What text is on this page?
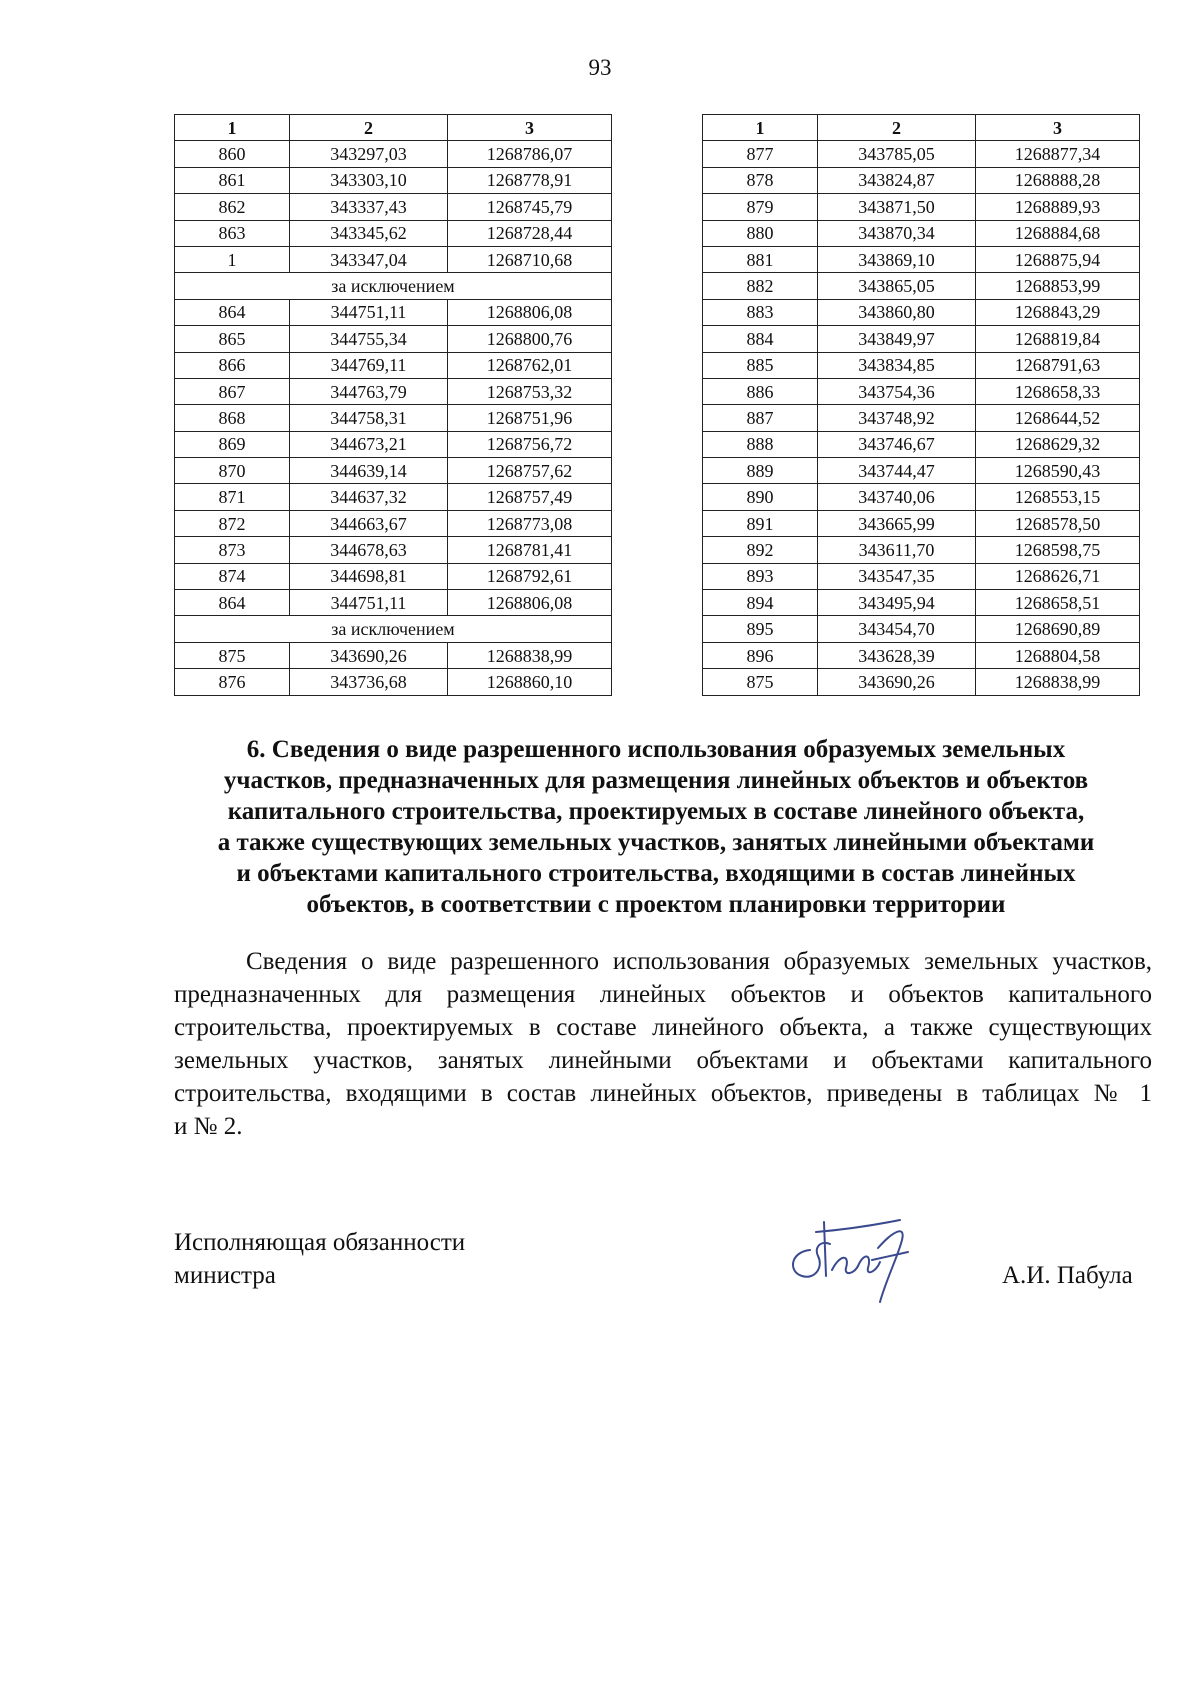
93
1	2	3
860	343297,03	1268786,07
861	343303,10	1268778,91
862	343337,43	1268745,79
863	343345,62	1268728,44
1	343347,04	1268710,68
за исключением		
864	344751,11	1268806,08
865	344755,34	1268800,76
866	344769,11	1268762,01
867	344763,79	1268753,32
868	344758,31	1268751,96
869	344673,21	1268756,72
870	344639,14	1268757,62
871	344637,32	1268757,49
872	344663,67	1268773,08
873	344678,63	1268781,41
874	344698,81	1268792,61
864	344751,11	1268806,08
за исключением		
875	343690,26	1268838,99
876	343736,68	1268860,10
1	2	3
877	343785,05	1268877,34
878	343824,87	1268888,28
879	343871,50	1268889,93
880	343870,34	1268884,68
881	343869,10	1268875,94
882	343865,05	1268853,99
883	343860,80	1268843,29
884	343849,97	1268819,84
885	343834,85	1268791,63
886	343754,36	1268658,33
887	343748,92	1268644,52
888	343746,67	1268629,32
889	343744,47	1268590,43
890	343740,06	1268553,15
891	343665,99	1268578,50
892	343611,70	1268598,75
893	343547,35	1268626,71
894	343495,94	1268658,51
895	343454,70	1268690,89
896	343628,39	1268804,58
875	343690,26	1268838,99
6. Сведения о виде разрешенного использования образуемых земельных
участков, предназначенных для размещения линейных объектов и объектов
капитального строительства, проектируемых в составе линейного объекта,
а также существующих земельных участков, занятых линейными объектами
и объектами капитального строительства, входящими в состав линейных
объектов, в соответствии с проектом планировки территории
Сведения о виде разрешенного использования образуемых земельных участков,
предназначенных для размещения линейных объектов и объектов капитального
строительства, проектируемых в составе линейного объекта, а также существующих
земельных участков, занятых линейными объектами и объектами капитального
строительства, входящими в состав линейных объектов, приведены в таблицах № 1
и № 2.
Исполняющая обязанности
министра	А.И. Пабула
